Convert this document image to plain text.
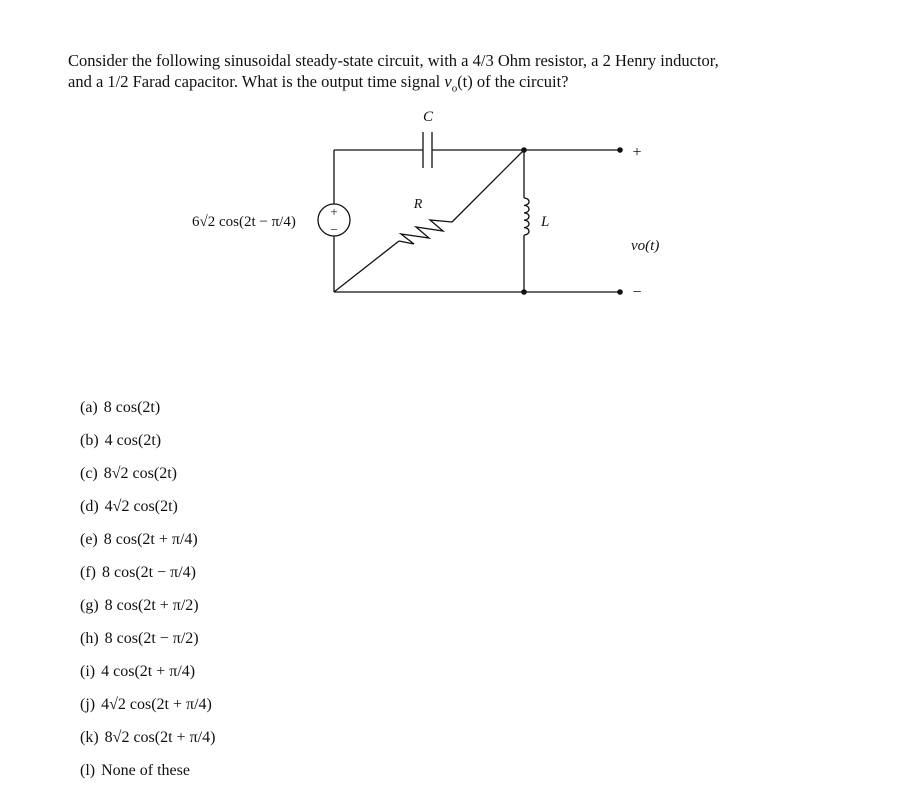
Consider the following sinusoidal steady-state circuit, with a 4/3 Ohm resistor, a 2 Henry inductor,
and a 1/2 Farad capacitor. What is the output time signal $v_o(t)$ of the circuit?

C
R
L
+
−
6√2 cos(2t − π/4)
+
−
vo(t)
(a) 8 cos(2t)
(b) 4 cos(2t)
(c) 8√2 cos(2t)
(d) 4√2 cos(2t)
(e) 8 cos(2t + π/4)
(f) 8 cos(2t − π/4)
(g) 8 cos(2t + π/2)
(h) 8 cos(2t − π/2)
(i) 4 cos(2t + π/4)
(j) 4√2 cos(2t + π/4)
(k) 8√2 cos(2t + π/4)
(l) None of these
